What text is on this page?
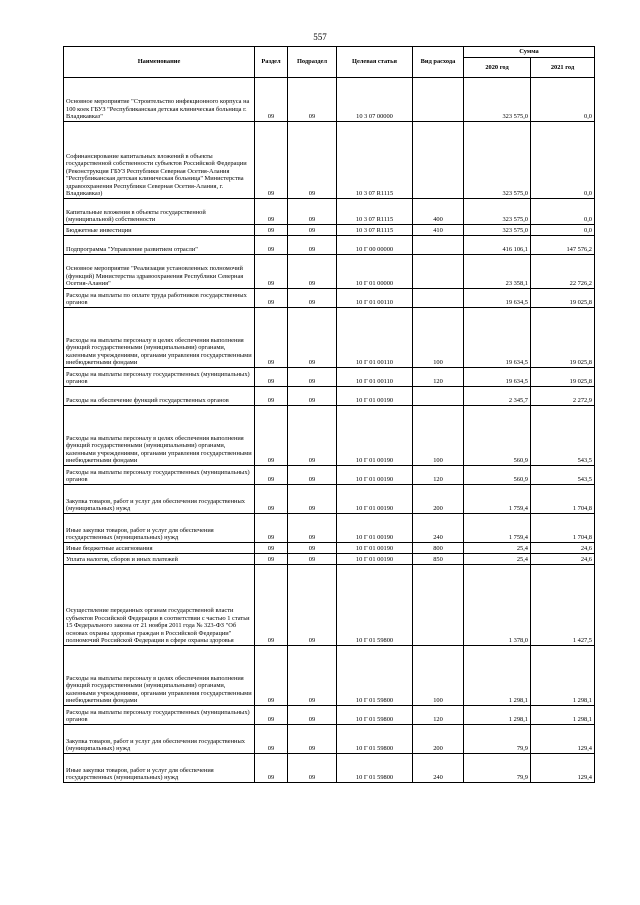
557
Наименование	Раздел	Подраздел	Целевая статья	Вид расхода	Сумма	
					2020 год	2021 год
Основное мероприятие "Строительство инфекционного корпуса на 100 коек ГБУЗ "Республиканская детская клиническая больница г. Владикавказ"	09	09	10 3 07 00000		323 575,0	0,0
Софинансирование капитальных вложений в объекты государственной собственности субъектов Российской Федерации (Реконструкция ГБУЗ Республики Северная Осетия-Алания "Республиканская детская клиническая больница" Министерства здравоохранения Республики Северная Осетия-Алания, г. Владикавказ)	09	09	10 3 07 R1115		323 575,0	0,0
Капитальные вложения в объекты государственной (муниципальной) собственности	09	09	10 3 07 R1115	400	323 575,0	0,0
Бюджетные инвестиции	09	09	10 3 07 R1115	410	323 575,0	0,0
Подпрограмма "Управление развитием отрасли"	09	09	10 Г 00 00000		416 106,1	147 576,2
Основное мероприятие "Реализация установленных полномочий (функций) Министерства здравоохранения Республики Северная Осетия-Алания"	09	09	10 Г 01 00000		23 358,1	22 726,2
Расходы на выплаты по оплате труда работников государственных органов	09	09	10 Г 01 00110		19 634,5	19 025,8
Расходы на выплаты персоналу в целях обеспечения выполнения функций государственными (муниципальными) органами, казенными учреждениями, органами управления государственными внебюджетными фондами	09	09	10 Г 01 00110	100	19 634,5	19 025,8
Расходы на выплаты персоналу государственных (муниципальных) органов	09	09	10 Г 01 00110	120	19 634,5	19 025,8
Расходы на обеспечение функций государственных органов	09	09	10 Г 01 00190		2 345,7	2 272,9
Расходы на выплаты персоналу в целях обеспечения выполнения функций государственными (муниципальными) органами, казенными учреждениями, органами управления государственными внебюджетными фондами	09	09	10 Г 01 00190	100	560,9	543,5
Расходы на выплаты персоналу государственных (муниципальных) органов	09	09	10 Г 01 00190	120	560,9	543,5
Закупка товаров, работ и услуг для обеспечения государственных (муниципальных) нужд	09	09	10 Г 01 00190	200	1 759,4	1 704,8
Иные закупки товаров, работ и услуг для обеспечения государственных (муниципальных) нужд	09	09	10 Г 01 00190	240	1 759,4	1 704,8
Иные бюджетные ассигнования	09	09	10 Г 01 00190	800	25,4	24,6
Уплата налогов, сборов и иных платежей	09	09	10 Г 01 00190	850	25,4	24,6
Осуществление переданных органам государственной власти субъектов Российской Федерации в соответствии с частью 1 статьи 15 Федерального закона от 21 ноября 2011 года № 323-ФЗ "Об основах охраны здоровья граждан в Российской Федерации" полномочий Российской Федерации в сфере охраны здоровья	09	09	10 Г 01 59800		1 378,0	1 427,5
Расходы на выплаты персоналу в целях обеспечения выполнения функций государственными (муниципальными) органами, казенными учреждениями, органами управления государственными внебюджетными фондами	09	09	10 Г 01 59800	100	1 298,1	1 298,1
Расходы на выплаты персоналу государственных (муниципальных) органов	09	09	10 Г 01 59800	120	1 298,1	1 298,1
Закупка товаров, работ и услуг для обеспечения государственных (муниципальных) нужд	09	09	10 Г 01 59800	200	79,9	129,4
Иные закупки товаров, работ и услуг для обеспечения государственных (муниципальных) нужд	09	09	10 Г 01 59800	240	79,9	129,4
